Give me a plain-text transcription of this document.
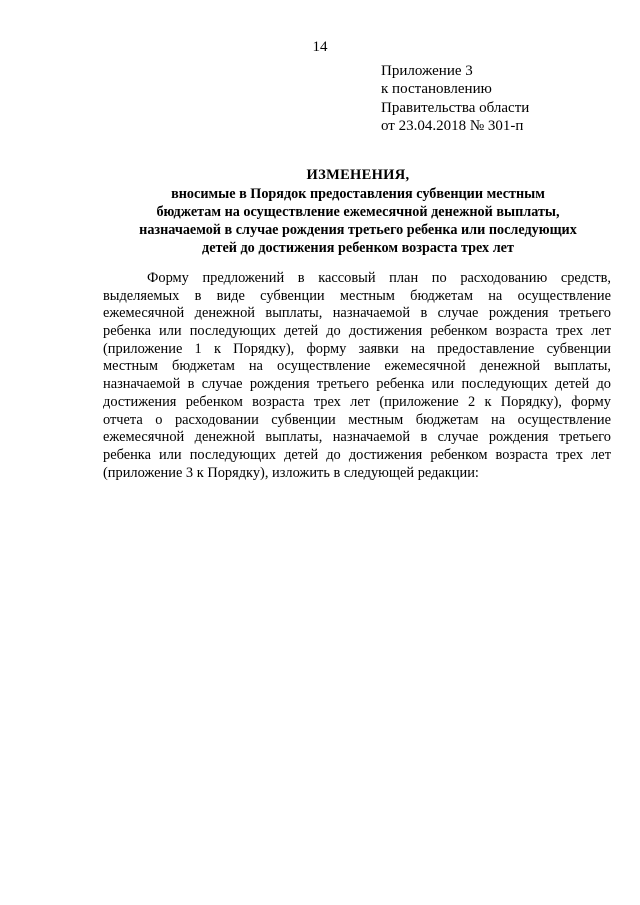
14
Приложение 3
к постановлению
Правительства области
от 23.04.2018 № 301-п
ИЗМЕНЕНИЯ,
вносимые в Порядок предоставления субвенции местным
бюджетам на осуществление ежемесячной денежной выплаты,
назначаемой в случае рождения третьего ребенка или последующих
детей до достижения ребенком возраста трех лет
Форму предложений в кассовый план по расходованию средств,
выделяемых в виде субвенции местным бюджетам на осуществление
ежемесячной денежной выплаты, назначаемой в случае рождения третьего
ребенка или последующих детей до достижения ребенком возраста трех лет
(приложение 1 к Порядку), форму заявки на предоставление субвенции
местным бюджетам на осуществление ежемесячной денежной выплаты,
назначаемой в случае рождения третьего ребенка или последующих детей до
достижения ребенком возраста трех лет (приложение 2 к Порядку), форму
отчета о расходовании субвенции местным бюджетам на осуществление
ежемесячной денежной выплаты, назначаемой в случае рождения третьего
ребенка или последующих детей до достижения ребенком возраста трех лет
(приложение 3 к Порядку), изложить в следующей редакции:
